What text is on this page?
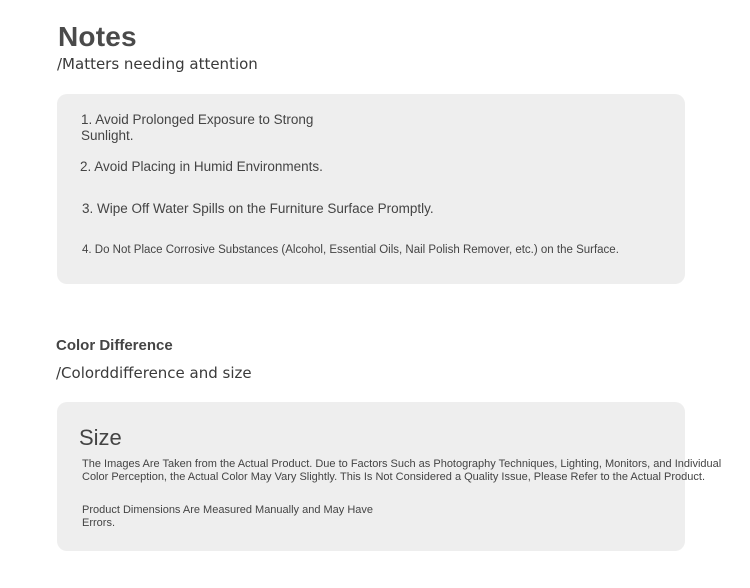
Notes
/Matters needing attention
1. Avoid Prolonged Exposure to Strong Sunlight.
2. Avoid Placing in Humid Environments.
3. Wipe Off Water Spills on the Furniture Surface Promptly.
4. Do Not Place Corrosive Substances (Alcohol, Essential Oils, Nail Polish Remover, etc.) on the Surface.
Color Difference
/Colorddifference and size
Size
The Images Are Taken from the Actual Product. Due to Factors Such as Photography Techniques, Lighting, Monitors, and Individual Color Perception, the Actual Color May Vary Slightly. This Is Not Considered a Quality Issue, Please Refer to the Actual Product.
Product Dimensions Are Measured Manually and May Have Errors.
